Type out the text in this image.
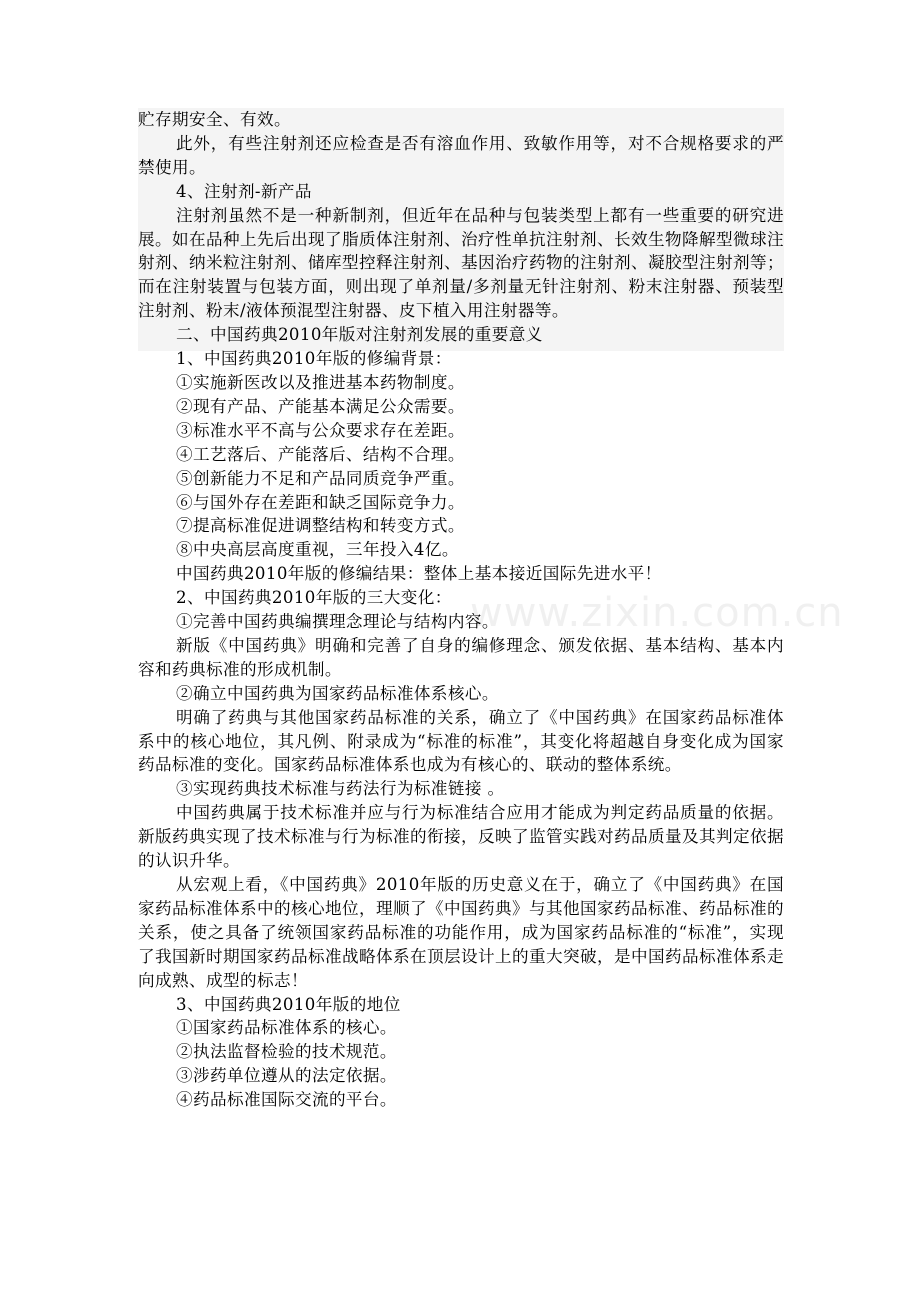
www.zixin.com.cn

贮存期安全、有效。

此外，有些注射剂还应检查是否有溶血作用、致敏作用等，对不合规格要求的严禁使用。

4、注射剂-新产品

注射剂虽然不是一种新制剂，但近年在品种与包装类型上都有一些重要的研究进展。如在品种上先后出现了脂质体注射剂、治疗性单抗注射剂、长效生物降解型微球注射剂、纳米粒注射剂、储库型控释注射剂、基因治疗药物的注射剂、凝胶型注射剂等；而在注射装置与包装方面，则出现了单剂量/多剂量无针注射剂、粉末注射器、预装型注射剂、粉末/液体预混型注射器、皮下植入用注射器等。

二、中国药典2010年版对注射剂发展的重要意义

1、中国药典2010年版的修编背景：

①实施新医改以及推进基本药物制度。

②现有产品、产能基本满足公众需要。

③标准水平不高与公众要求存在差距。

④工艺落后、产能落后、结构不合理。

⑤创新能力不足和产品同质竞争严重。

⑥与国外存在差距和缺乏国际竞争力。

⑦提高标准促进调整结构和转变方式。

⑧中央高层高度重视，三年投入4亿。

中国药典2010年版的修编结果：整体上基本接近国际先进水平！

2、中国药典2010年版的三大变化：

①完善中国药典编撰理念理论与结构内容。

新版《中国药典》明确和完善了自身的编修理念、颁发依据、基本结构、基本内容和药典标准的形成机制。

②确立中国药典为国家药品标准体系核心。

明确了药典与其他国家药品标准的关系，确立了《中国药典》在国家药品标准体系中的核心地位，其凡例、附录成为“标准的标准”，其变化将超越自身变化成为国家药品标准的变化。国家药品标准体系也成为有核心的、联动的整体系统。

③实现药典技术标准与药法行为标准链接 。

中国药典属于技术标准并应与行为标准结合应用才能成为判定药品质量的依据。新版药典实现了技术标准与行为标准的衔接，反映了监管实践对药品质量及其判定依据的认识升华。

从宏观上看，《中国药典》2010年版的历史意义在于，确立了《中国药典》在国家药品标准体系中的核心地位，理顺了《中国药典》与其他国家药品标准、药品标准的关系，使之具备了统领国家药品标准的功能作用，成为国家药品标准的“标准”，实现了我国新时期国家药品标准战略体系在顶层设计上的重大突破，是中国药品标准体系走向成熟、成型的标志！

3、中国药典2010年版的地位

①国家药品标准体系的核心。

②执法监督检验的技术规范。

③涉药单位遵从的法定依据。

④药品标准国际交流的平台。
